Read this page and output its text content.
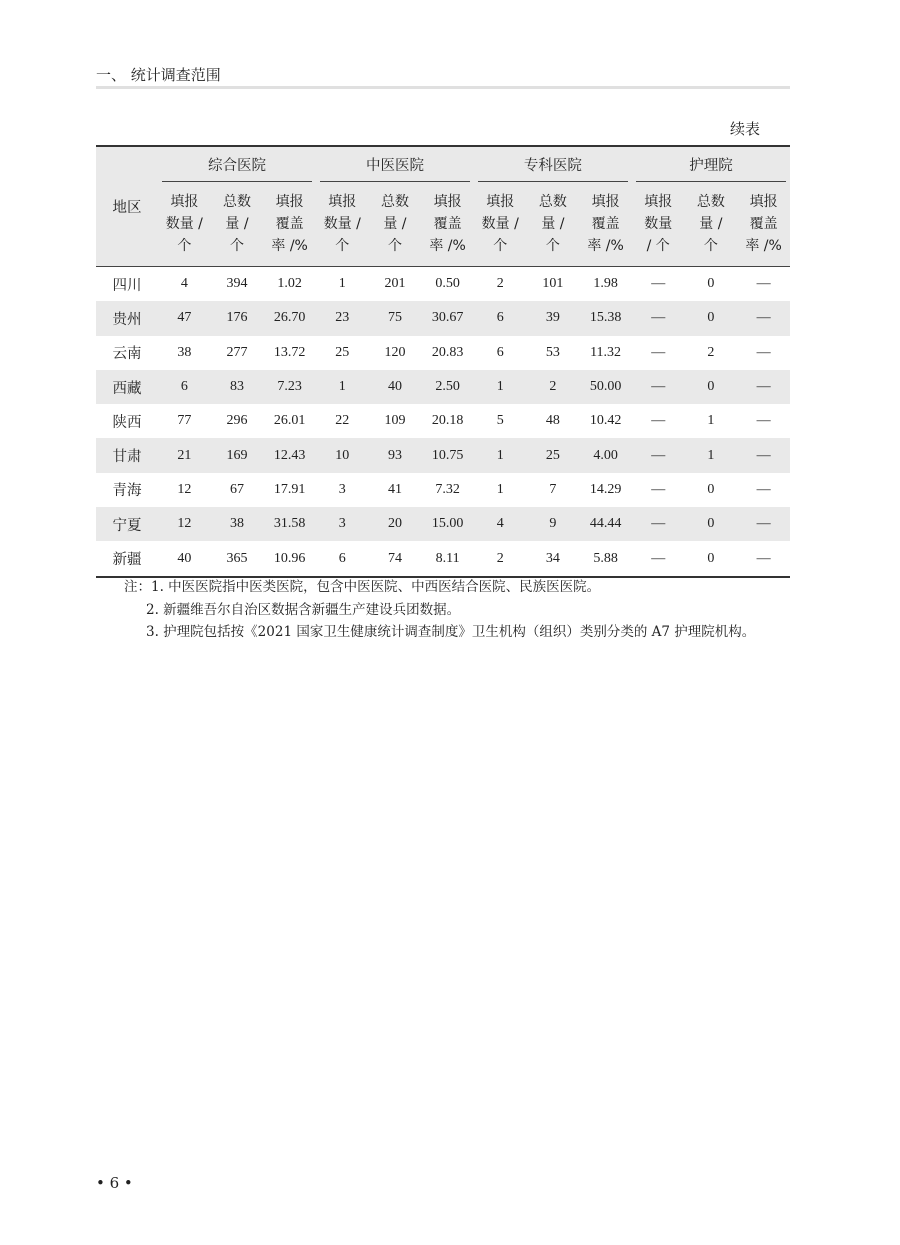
一、 统计调查范围
续表
地区	综合医院			中医医院			专科医院			护理院		

	填报
数量 /
个	总数
量 /
个	填报
覆盖
率 /%	填报
数量 /
个	总数
量 /
个	填报
覆盖
率 /%	填报
数量 /
个	总数
量 /
个	填报
覆盖
率 /%	填报
数量
/ 个	总数
量 /
个	填报
覆盖
率 /%

四川	4	394	1.02	1	201	0.50	2	101	1.98	—	0	—
贵州	47	176	26.70	23	75	30.67	6	39	15.38	—	0	—
云南	38	277	13.72	25	120	20.83	6	53	11.32	—	2	—
西藏	6	83	7.23	1	40	2.50	1	2	50.00	—	0	—
陕西	77	296	26.01	22	109	20.18	5	48	10.42	—	1	—
甘肃	21	169	12.43	10	93	10.75	1	25	4.00	—	1	—
青海	12	67	17.91	3	41	7.32	1	7	14.29	—	0	—
宁夏	12	38	31.58	3	20	15.00	4	9	44.44	—	0	—
新疆	40	365	10.96	6	74	8.11	2	34	5.88	—	0	—
注：1. 中医医院指中医类医院，包含中医医院、中西医结合医院、民族医医院。
2. 新疆维吾尔自治区数据含新疆生产建设兵团数据。
3. 护理院包括按《2021 国家卫生健康统计调查制度》卫生机构（组织）类别分类的 A7 护理院机构。
• 6 •
